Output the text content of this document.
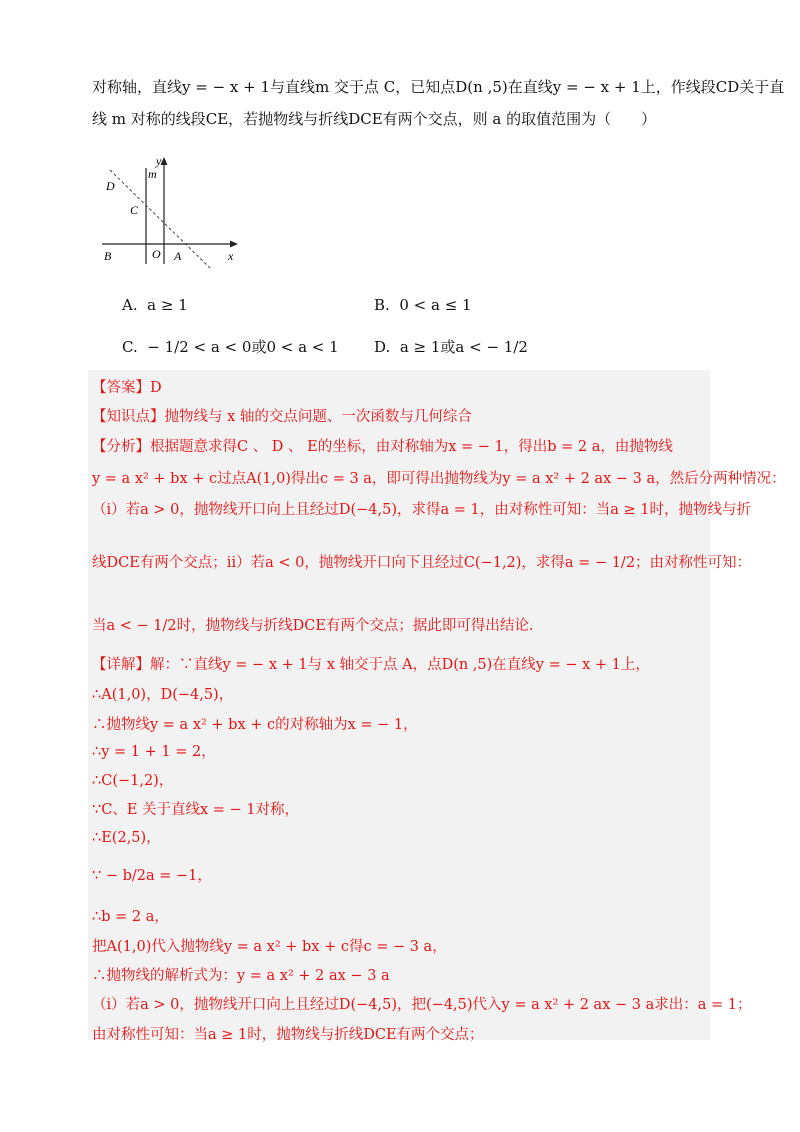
对称轴，直线y = − x + 1与直线m 交于点 C，已知点D(n ,5)在直线y = − x + 1上，作线段CD关于直
线 m 对称的线段CE，若抛物线与折线DCE有两个交点，则 a 的取值范围为（　　）
y
m
D
C
B	O A	x
A. a ≥ 1	B. 0 < a ≤ 1
C. − 1/2 < a < 0或0 < a < 1 D. a ≥ 1或a < − 1/2
【答案】D
【知识点】抛物线与 x 轴的交点问题、一次函数与几何综合
【分析】根据题意求得C 、 D 、 E的坐标，由对称轴为x = − 1，得出b = 2 a，由抛物线
y = a x² + bx + c过点A(1,0)得出c = 3 a，即可得出抛物线为y = a x² + 2 ax − 3 a，然后分两种情况：
（i）若a > 0，抛物线开口向上且经过D(−4,5)，求得a = 1，由对称性可知：当a ≥ 1时，抛物线与折
线DCE有两个交点；ii）若a < 0，抛物线开口向下且经过C(−1,2)，求得a = − 1/2；由对称性可知：
当a < − 1/2时，抛物线与折线DCE有两个交点；据此即可得出结论.
【详解】解：∵直线y = − x + 1与 x 轴交于点 A，点D(n ,5)在直线y = − x + 1上，
∴A(1,0)，D(−4,5)，
∴抛物线y = a x² + bx + c的对称轴为x = − 1，
∴y = 1 + 1 = 2，
∴C(−1,2)，
∵C、E 关于直线x = − 1对称，
∴E(2,5)，
∵ − b/2a = −1，
∴b = 2 a，
把A(1,0)代入抛物线y = a x² + bx + c得c = − 3 a，
∴抛物线的解析式为：y = a x² + 2 ax − 3 a
（i）若a > 0，抛物线开口向上且经过D(−4,5)，把(−4,5)代入y = a x² + 2 ax − 3 a求出：a = 1；
由对称性可知：当a ≥ 1时，抛物线与折线DCE有两个交点；
